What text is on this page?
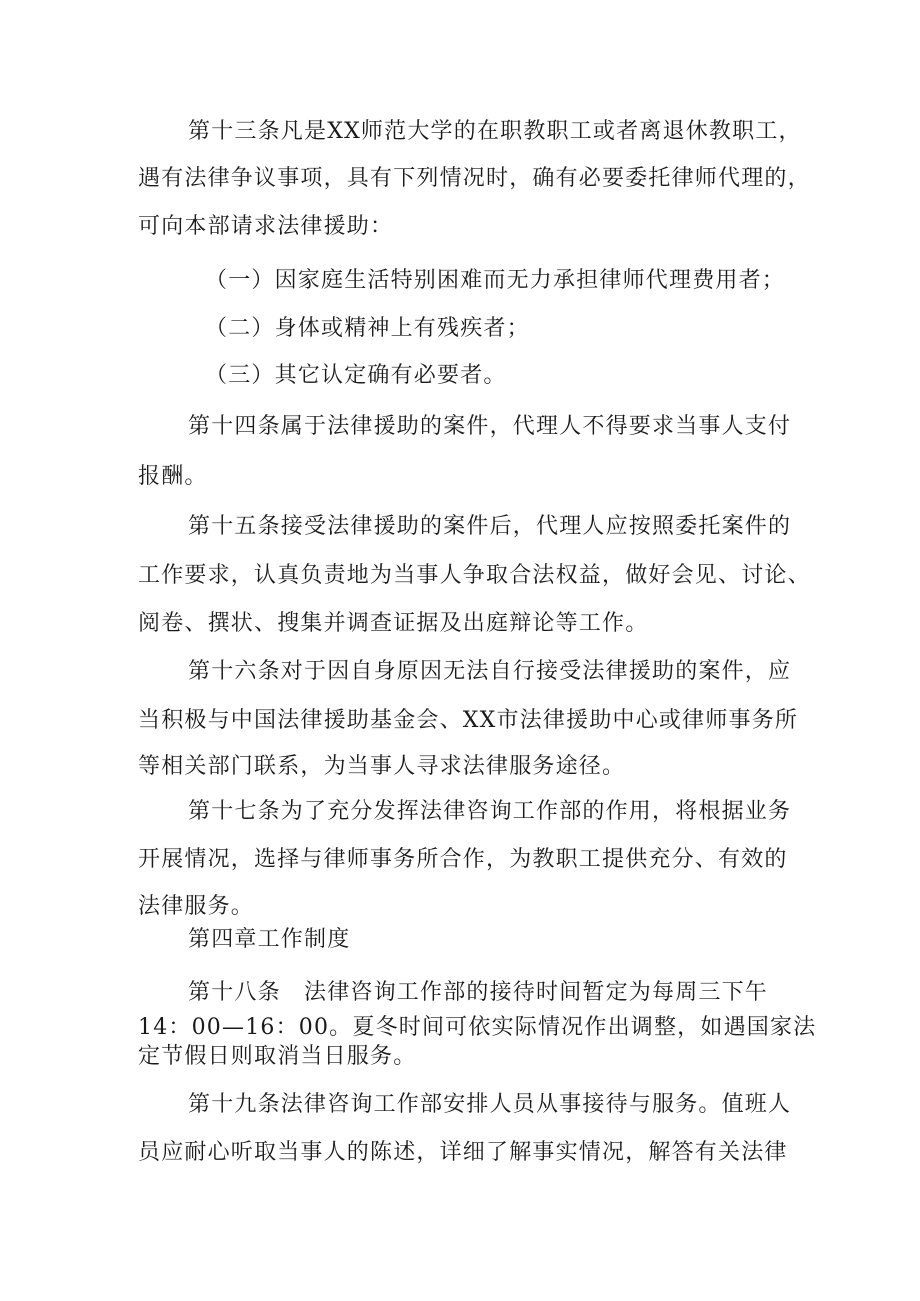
第十三条凡是XX师范大学的在职教职工或者离退休教职工，
遇有法律争议事项，具有下列情况时，确有必要委托律师代理的，
可向本部请求法律援助：
（一）因家庭生活特别困难而无力承担律师代理费用者；
（二）身体或精神上有残疾者；
（三）其它认定确有必要者。
第十四条属于法律援助的案件，代理人不得要求当事人支付
报酬。
第十五条接受法律援助的案件后，代理人应按照委托案件的
工作要求，认真负责地为当事人争取合法权益，做好会见、讨论、
阅卷、撰状、搜集并调查证据及出庭辩论等工作。
第十六条对于因自身原因无法自行接受法律援助的案件，应
当积极与中国法律援助基金会、XX市法律援助中心或律师事务所
等相关部门联系，为当事人寻求法律服务途径。
第十七条为了充分发挥法律咨询工作部的作用，将根据业务
开展情况，选择与律师事务所合作，为教职工提供充分、有效的
法律服务。
第四章工作制度
第十八条　法律咨询工作部的接待时间暂定为每周三下午
14：00—16：00。夏冬时间可依实际情况作出调整，如遇国家法
定节假日则取消当日服务。
第十九条法律咨询工作部安排人员从事接待与服务。值班人
员应耐心听取当事人的陈述，详细了解事实情况，解答有关法律
